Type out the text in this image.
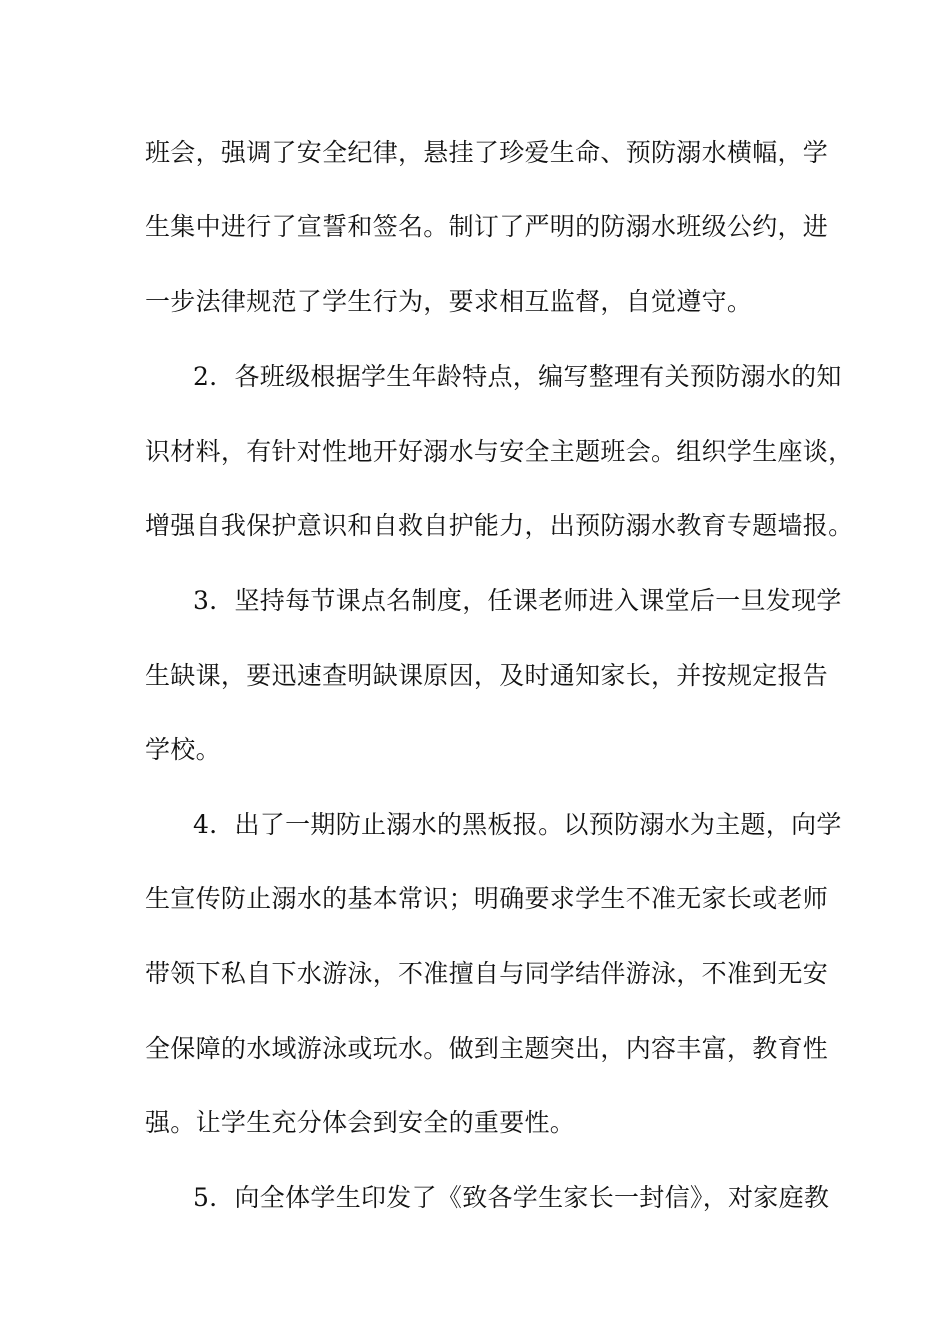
班会，强调了安全纪律，悬挂了珍爱生命、预防溺水横幅，学
生集中进行了宣誓和签名。制订了严明的防溺水班级公约，进
一步法律规范了学生行为，要求相互监督，自觉遵守。
2．各班级根据学生年龄特点，编写整理有关预防溺水的知
识材料，有针对性地开好溺水与安全主题班会。组织学生座谈，
增强自我保护意识和自救自护能力，出预防溺水教育专题墙报。
3．坚持每节课点名制度，任课老师进入课堂后一旦发现学
生缺课，要迅速查明缺课原因，及时通知家长，并按规定报告
学校。
4．出了一期防止溺水的黑板报。以预防溺水为主题，向学
生宣传防止溺水的基本常识；明确要求学生不准无家长或老师
带领下私自下水游泳，不准擅自与同学结伴游泳，不准到无安
全保障的水域游泳或玩水。做到主题突出，内容丰富，教育性
强。让学生充分体会到安全的重要性。
5．向全体学生印发了《致各学生家长一封信》，对家庭教
